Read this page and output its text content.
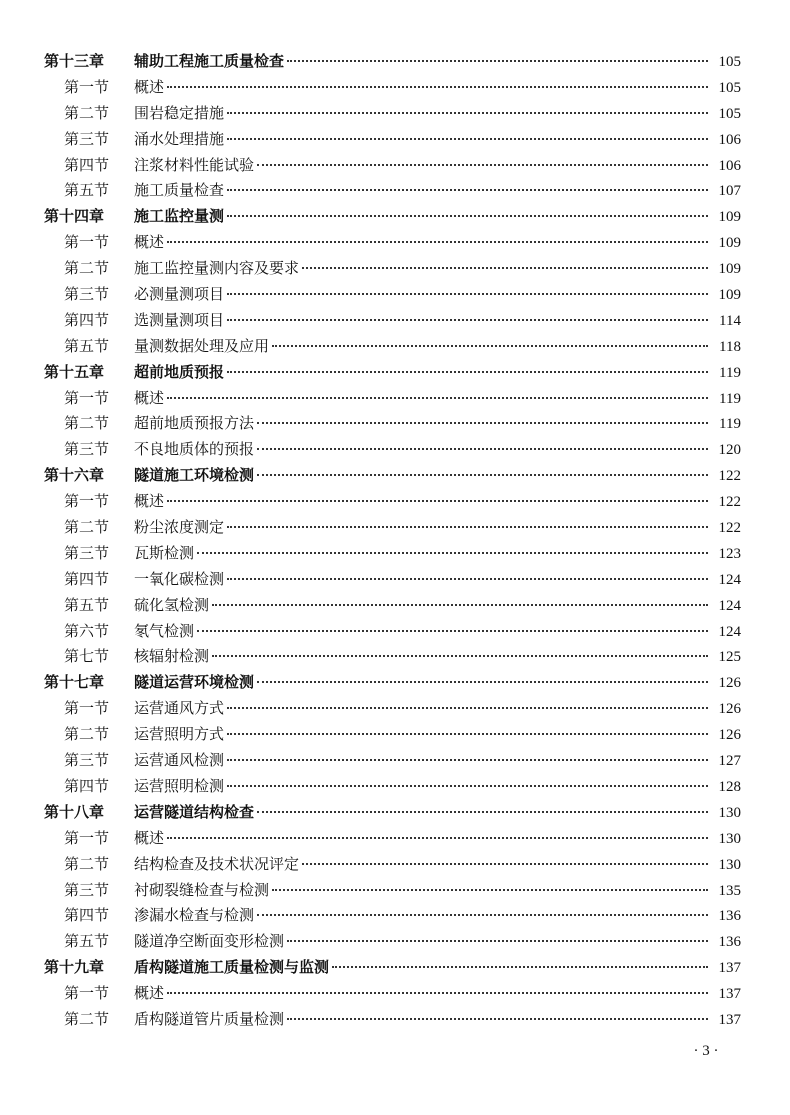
第十三章	辅助工程施工质量检查	105
第一节	概述	105
第二节	围岩稳定措施	105
第三节	涌水处理措施	106
第四节	注浆材料性能试验	106
第五节	施工质量检查	107
第十四章	施工监控量测	109
第一节	概述	109
第二节	施工监控量测内容及要求	109
第三节	必测量测项目	109
第四节	选测量测项目	114
第五节	量测数据处理及应用	118
第十五章	超前地质预报	119
第一节	概述	119
第二节	超前地质预报方法	119
第三节	不良地质体的预报	120
第十六章	隧道施工环境检测	122
第一节	概述	122
第二节	粉尘浓度测定	122
第三节	瓦斯检测	123
第四节	一氧化碳检测	124
第五节	硫化氢检测	124
第六节	氡气检测	124
第七节	核辐射检测	125
第十七章	隧道运营环境检测	126
第一节	运营通风方式	126
第二节	运营照明方式	126
第三节	运营通风检测	127
第四节	运营照明检测	128
第十八章	运营隧道结构检查	130
第一节	概述	130
第二节	结构检查及技术状况评定	130
第三节	衬砌裂缝检查与检测	135
第四节	渗漏水检查与检测	136
第五节	隧道净空断面变形检测	136
第十九章	盾构隧道施工质量检测与监测	137
第一节	概述	137
第二节	盾构隧道管片质量检测	137
· 3 ·
